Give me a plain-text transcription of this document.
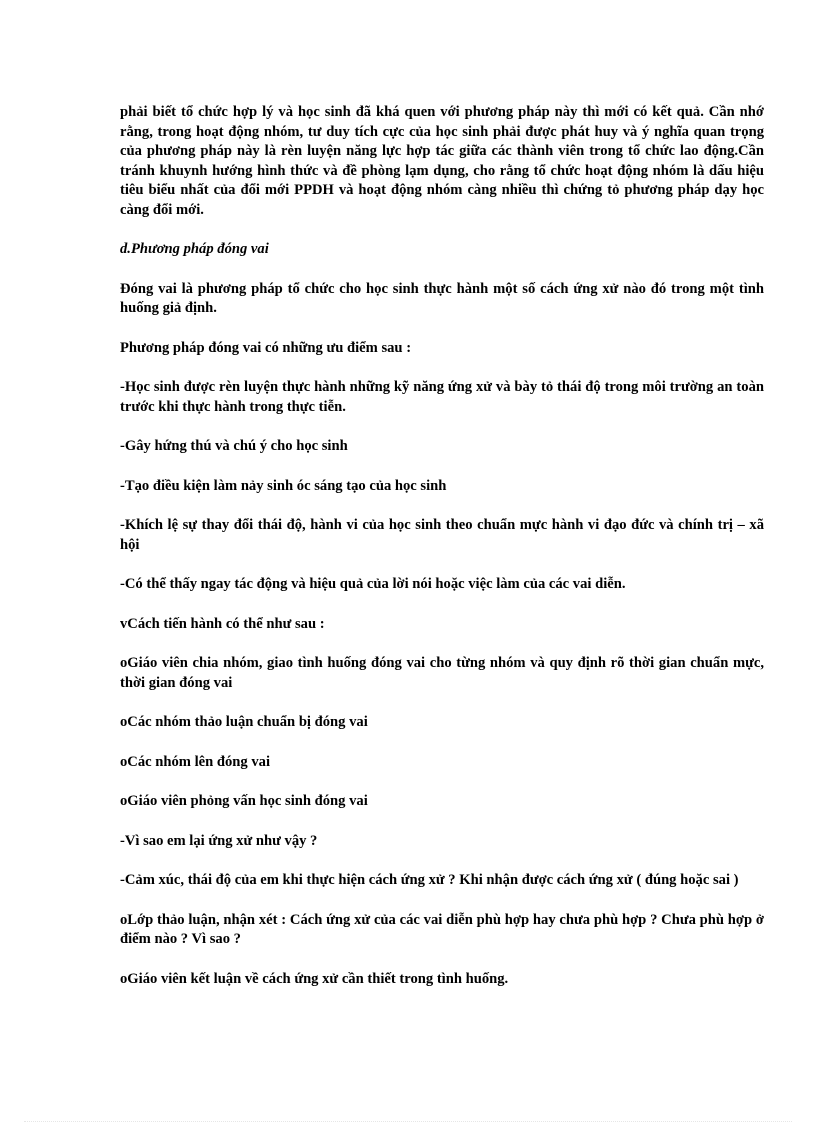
phải biết tổ chức hợp lý và học sinh đã khá quen với phương pháp này thì mới có kết quả. Cần nhớ rằng, trong hoạt động nhóm, tư duy tích cực của học sinh phải được phát huy và ý nghĩa quan trọng của phương pháp này là rèn luyện năng lực hợp tác giữa các thành viên trong tổ chức lao động.Cần tránh khuynh hướng hình thức và đề phòng lạm dụng, cho rằng tổ chức hoạt động nhóm là dấu hiệu tiêu biểu nhất của đổi mới PPDH và hoạt động nhóm càng nhiều thì chứng tỏ phương pháp dạy học càng đổi mới.

d.Phương pháp đóng vai

Đóng vai là phương pháp tổ chức cho học sinh thực hành một số cách ứng xử nào đó trong một tình huống giả định.

Phương pháp đóng vai có những ưu điểm sau :

-Học sinh được rèn luyện thực hành những kỹ năng ứng xử và bày tỏ thái độ trong môi trường an toàn trước khi thực hành trong thực tiễn.

-Gây hứng thú và chú ý cho học sinh

-Tạo điều kiện làm nảy sinh óc sáng tạo của học sinh

-Khích lệ sự thay đổi thái độ, hành vi của học sinh theo chuẩn mực hành vi đạo đức và chính trị – xã hội

-Có thể thấy ngay tác động và hiệu quả của lời nói hoặc việc làm của các vai diễn.

vCách tiến hành có thể như sau :

oGiáo viên chia nhóm, giao tình huống đóng vai cho từng nhóm và quy định rõ thời gian chuẩn mực, thời gian đóng vai

oCác nhóm thảo luận chuẩn bị đóng vai

oCác nhóm lên đóng vai

oGiáo viên phỏng vấn học sinh đóng vai

-Vì sao em lại ứng xử như vậy ?

-Cảm xúc, thái độ của em khi thực hiện cách ứng xử ? Khi nhận được cách ứng xử ( đúng hoặc sai )

oLớp thảo luận, nhận xét : Cách ứng xử của các vai diễn phù hợp hay chưa phù hợp ? Chưa phù hợp ở điểm nào ? Vì sao ?

oGiáo viên kết luận về cách ứng xử cần thiết trong tình huống.
